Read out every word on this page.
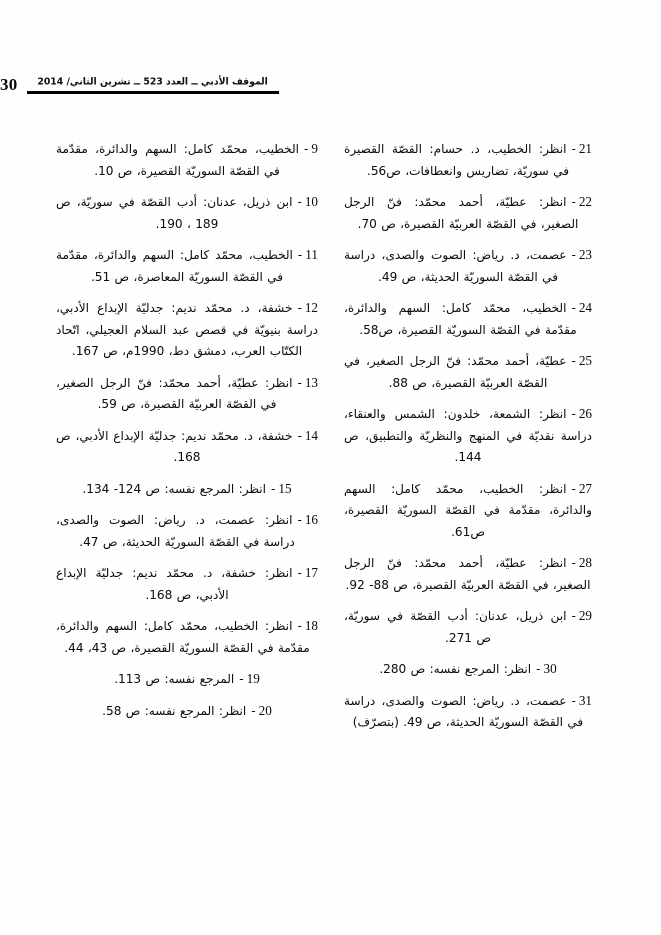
30	الموقف الأدبي ــ العدد 523 ــ تشرين الثاني/ 2014
9-الخطيب، محمّد كامل: السهم والدائرة، مقدّمة في القصّة السوريّة القصيرة، ص 10.
10-ابن ذريل، عدنان: أدب القصّة في سوريّة، ص 189 ، 190.
11-الخطيب، محمّد كامل: السهم والدائرة، مقدّمة في القصّة السوريّة المعاصرة، ص 51.
12-خشفة، د. محمّد نديم: جدليّة الإبداع الأدبي، دراسة بنيويّة في قصص عبد السلام العجيلي، اتّحاد الكتّاب العرب، دمشق دط، 1990م، ص 167.
13-انظر: عطيّة، أحمد محمّد: فنّ الرجل الصغير، في القصّة العربيّة القصيرة، ص 59.
14-خشفة، د. محمّد نديم: جدليّة الإبداع الأدبي، ص 168.
15-انظر: المرجع نفسه: ص 124- 134.
16-انظر: عصمت، د. رياض: الصوت والصدى، دراسة في القصّة السوريّة الحديثة، ص 47.
17-انظر: خشفة، د. محمّد نديم: جدليّة الإبداع الأدبي، ص 168.
18-انظر: الخطيب، محمّد كامل: السهم والدائرة، مقدّمة في القصّة السوريّة القصيرة، ص 43، 44.
19-المرجع نفسه: ص 113.
20-انظر: المرجع نفسه: ص 58.
21-انظر: الخطيب، د. حسام: القصّة القصيرة في سوريّة، تضاريس وانعطافات، ص56.
22-انظر: عطيّة، أحمد محمّد: فنّ الرجل الصغير، في القصّة العربيّة القصيرة، ص 70.
23-عصمت، د. رياض: الصوت والصدى، دراسة في القصّة السوريّة الحديثة، ص 49.
24-الخطيب، محمّد كامل: السهم والدائرة، مقدّمة في القصّة السوريّة القصيرة، ص58.
25-عطيّة، أحمد محمّد: فنّ الرجل الصغير، في القصّة العربيّة القصيرة، ص 88.
26-انظر: الشمعة، خلدون: الشمس والعنقاء، دراسة نقديّة في المنهج والنظريّة والتطبيق، ص 144.
27-انظر: الخطيب، محمّد كامل: السهم والدائرة، مقدّمة في القصّة السوريّة القصيرة، ص61.
28-انظر: عطيّة، أحمد محمّد: فنّ الرجل الصغير، في القصّة العربيّة القصيرة، ص 88- 92.
29-ابن ذريل، عدنان: أدب القصّة في سوريّة، ص 271.
30-انظر: المرجع نفسه: ص 280.
31-عصمت، د. رياض: الصوت والصدى، دراسة في القصّة السوريّة الحديثة، ص 49. (بتصرّف)
